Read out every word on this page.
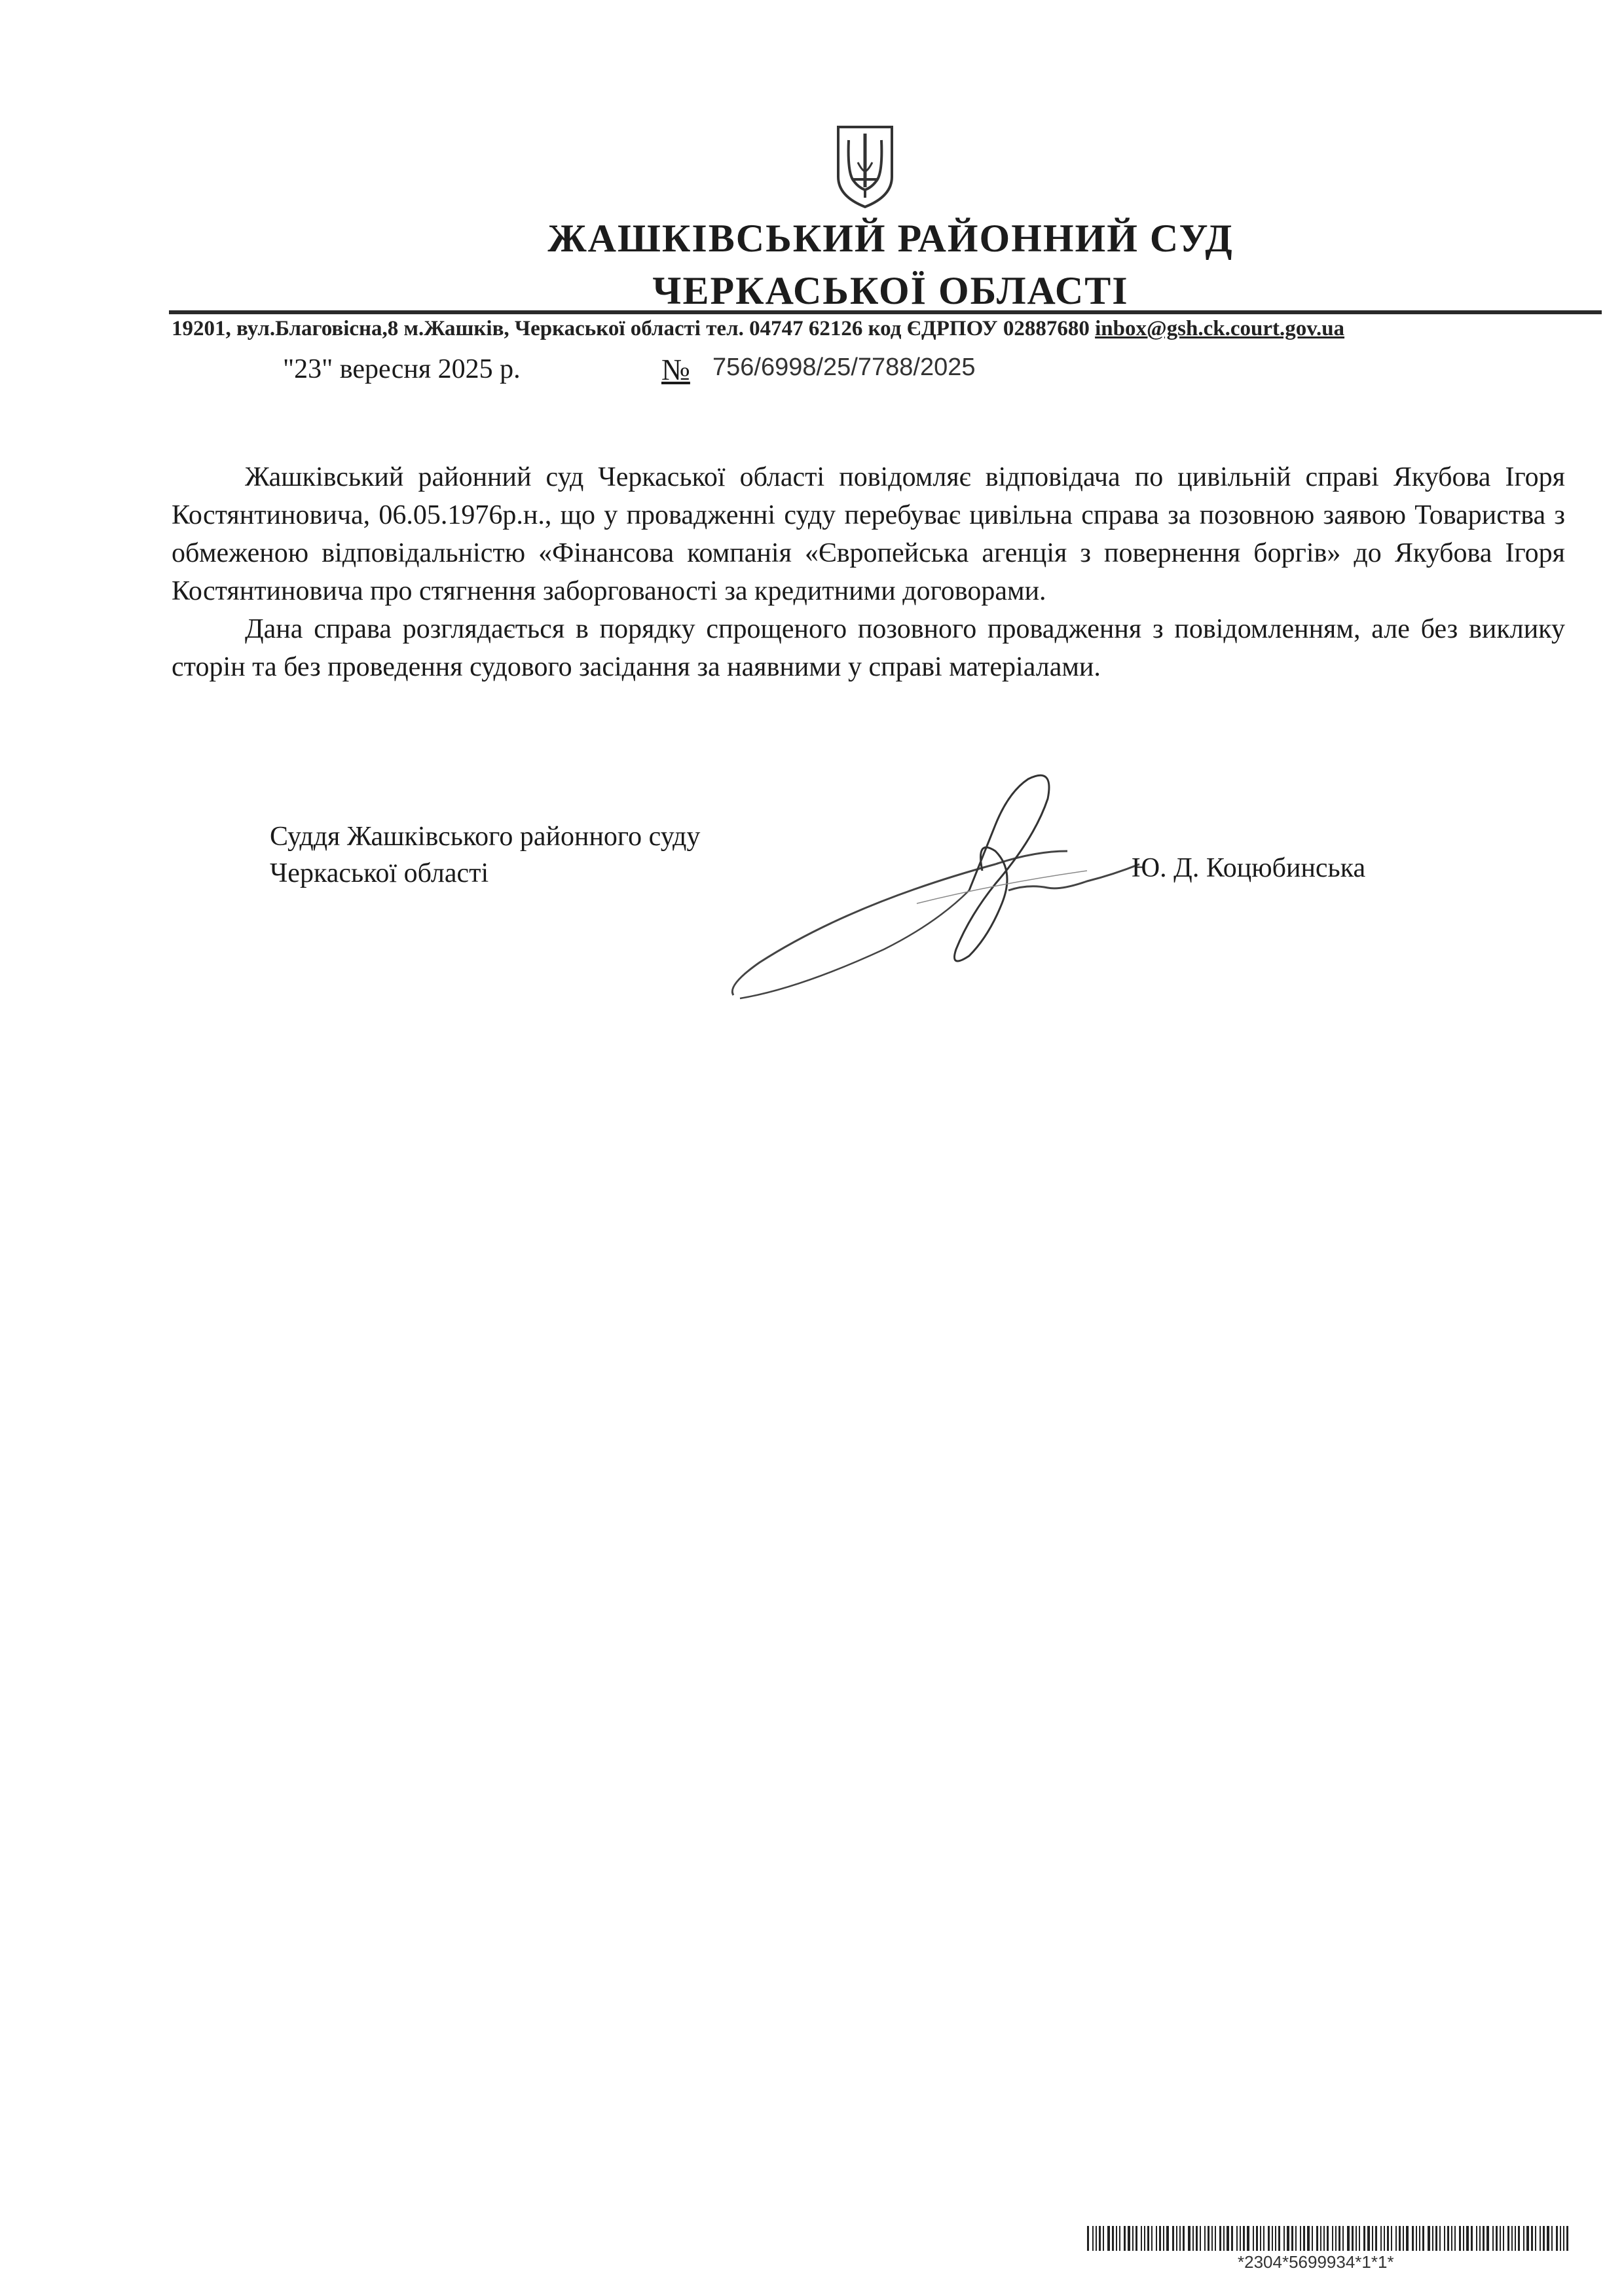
ЖАШКІВСЬКИЙ РАЙОННИЙ СУД
ЧЕРКАСЬКОЇ ОБЛАСТІ
19201, вул.Благовісна,8 м.Жашків, Черкаської області тел. 04747 62126 код ЄДРПОУ 02887680 inbox@gsh.ck.court.gov.ua
"23" вересня 2025 р.	№ 756/6998/25/7788/2025

Жашківський районний суд Черкаської області повідомляє відповідача по цивільній справі Якубова Ігоря Костянтиновича, 06.05.1976р.н., що у провадженні суду перебуває цивільна справа за позовною заявою Товариства з обмеженою відповідальністю «Фінансова компанія «Європейська агенція з повернення боргів» до Якубова Ігоря Костянтиновича про стягнення заборгованості за кредитними договорами.

Дана справа розглядається в порядку спрощеного позовного провадження з повідомленням, але без виклику сторін та без проведення судового засідання за наявними у справі матеріалами.

Суддя Жашківського районного суду
Черкаської області	Ю. Д. Коцюбинська
*2304*5699934*1*1*
